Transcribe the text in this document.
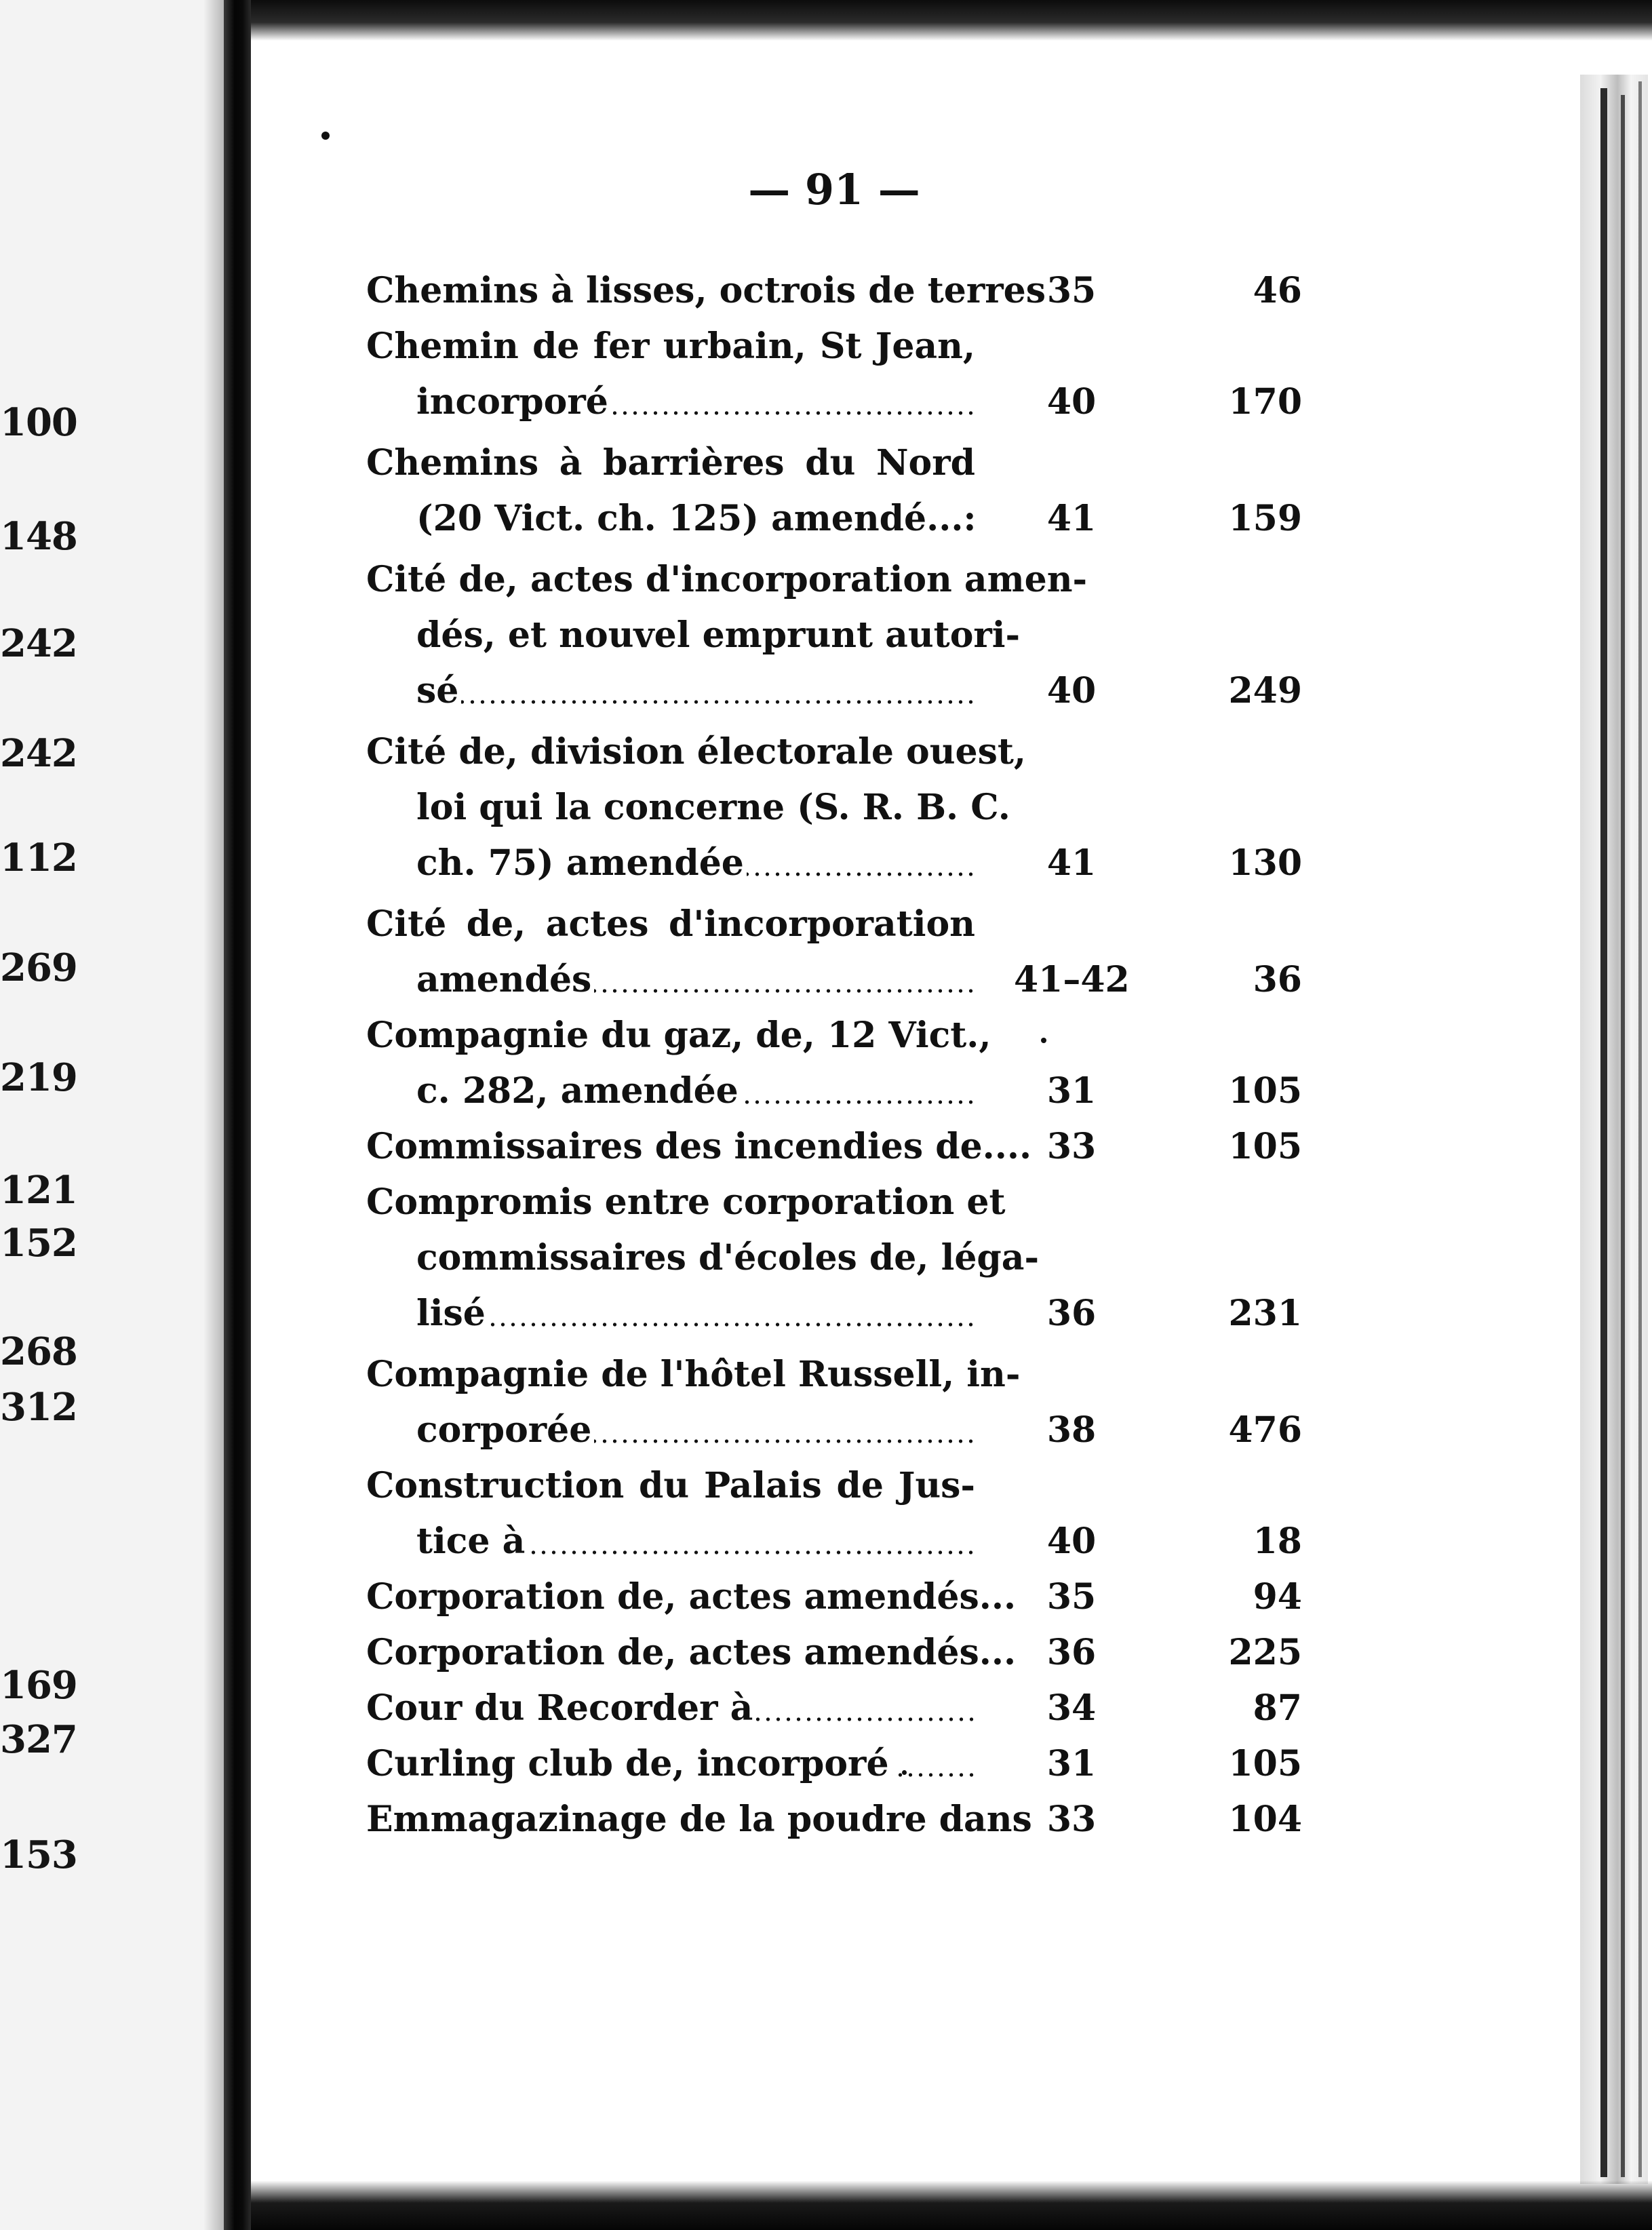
100
148
242
242
112
269
219
121
152
268
312
169
327
153
— 91 —
Chemins à lisses, octrois de terres 35	46
Chemin de fer urbain, St Jean,
incorporé	40	170
Chemins à barrières du Nord
(20 Vict. ch. 125) amendé...:	41	159
Cité de, actes d'incorporation amen-
dés, et nouvel emprunt autori-
sé	40	249
Cité de, division électorale ouest,
loi qui la concerne (S. R. B. C.
ch. 75) amendée	41	130
Cité de, actes d'incorporation
amendés	41–42	36
Compagnie du gaz, de, 12 Vict.,
c. 282, amendée	31	105
Commissaires des incendies de.... 33	105
Compromis entre corporation et
commissaires d'écoles de, léga-
lisé	36	231
Compagnie de l'hôtel Russell, in-
corporée	38	476
Construction du Palais de Jus-
tice à	40	18
Corporation de, actes amendés... 35	94
Corporation de, actes amendés... 36	225
Cour du Recorder à	34	87
Curling club de, incorporé	31	105
Emmagazinage de la poudre dans 33	104
